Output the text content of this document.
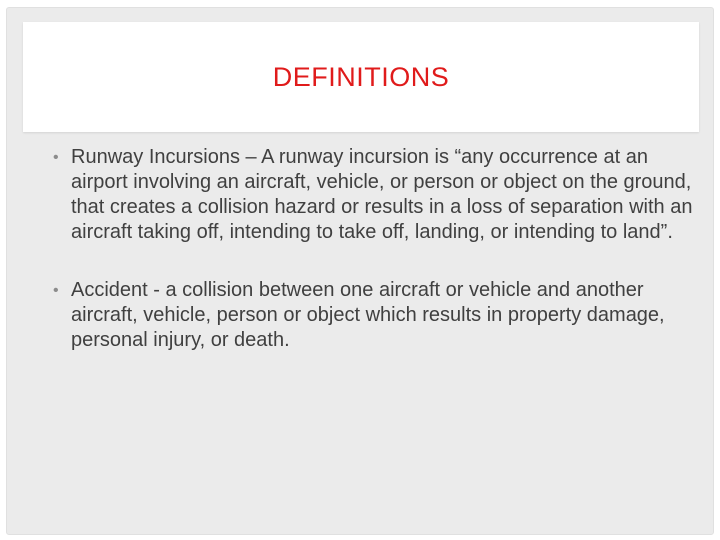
DEFINITIONS
• Runway Incursions – A runway incursion is “any occurrence at an airport involving an aircraft, vehicle, or person or object on the ground, that creates a collision hazard or results in a loss of separation with an aircraft taking off, intending to take off, landing, or intending to land”.
• Accident - a collision between one aircraft or vehicle and another aircraft, vehicle, person or object which results in property damage, personal injury, or death.
